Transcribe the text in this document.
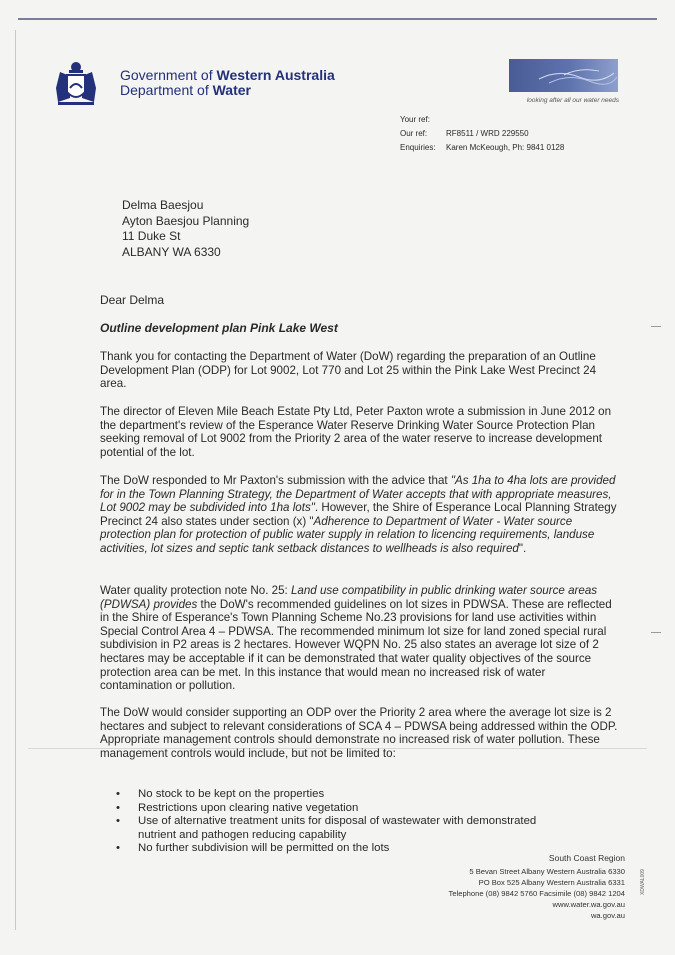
Government of Western Australia
Department of Water
looking after all our water needs
Your ref:
Our ref: RF8511 / WRD 229550
Enquiries: Karen McKeough, Ph: 9841 0128
Delma Baesjou
Ayton Baesjou Planning
11 Duke St
ALBANY WA 6330
Dear Delma
Outline development plan Pink Lake West
Thank you for contacting the Department of Water (DoW) regarding the preparation of an Outline Development Plan (ODP) for Lot 9002, Lot 770 and Lot 25 within the Pink Lake West Precinct 24 area.
The director of Eleven Mile Beach Estate Pty Ltd, Peter Paxton wrote a submission in June 2012 on the department's review of the Esperance Water Reserve Drinking Water Source Protection Plan seeking removal of Lot 9002 from the Priority 2 area of the water reserve to increase development potential of the lot.
The DoW responded to Mr Paxton's submission with the advice that "As 1ha to 4ha lots are provided for in the Town Planning Strategy, the Department of Water accepts that with appropriate measures, Lot 9002 may be subdivided into 1ha lots". However, the Shire of Esperance Local Planning Strategy Precinct 24 also states under section (x) "Adherence to Department of Water - Water source protection plan for protection of public water supply in relation to licencing requirements, landuse activities, lot sizes and septic tank setback distances to wellheads is also required".
Water quality protection note No. 25: Land use compatibility in public drinking water source areas (PDWSA) provides the DoW's recommended guidelines on lot sizes in PDWSA. These are reflected in the Shire of Esperance's Town Planning Scheme No.23 provisions for land use activities within Special Control Area 4 – PDWSA. The recommended minimum lot size for land zoned special rural subdivision in P2 areas is 2 hectares. However WQPN No. 25 also states an average lot size of 2 hectares may be acceptable if it can be demonstrated that water quality objectives of the source protection area can be met. In this instance that would mean no increased risk of water contamination or pollution.
The DoW would consider supporting an ODP over the Priority 2 area where the average lot size is 2 hectares and subject to relevant considerations of SCA 4 – PDWSA being addressed within the ODP. Appropriate management controls should demonstrate no increased risk of water pollution. These management controls would include, but not be limited to:
• No stock to be kept on the properties
• Restrictions upon clearing native vegetation
• Use of alternative treatment units for disposal of wastewater with demonstrated nutrient and pathogen reducing capability
• No further subdivision will be permitted on the lots
South Coast Region
5 Bevan Street Albany Western Australia 6330
PO Box 525 Albany Western Australia 6331
Telephone (08) 9842 5760 Facsimile (08) 9842 1204
www.water.wa.gov.au
wa.gov.au
XDWAL009
